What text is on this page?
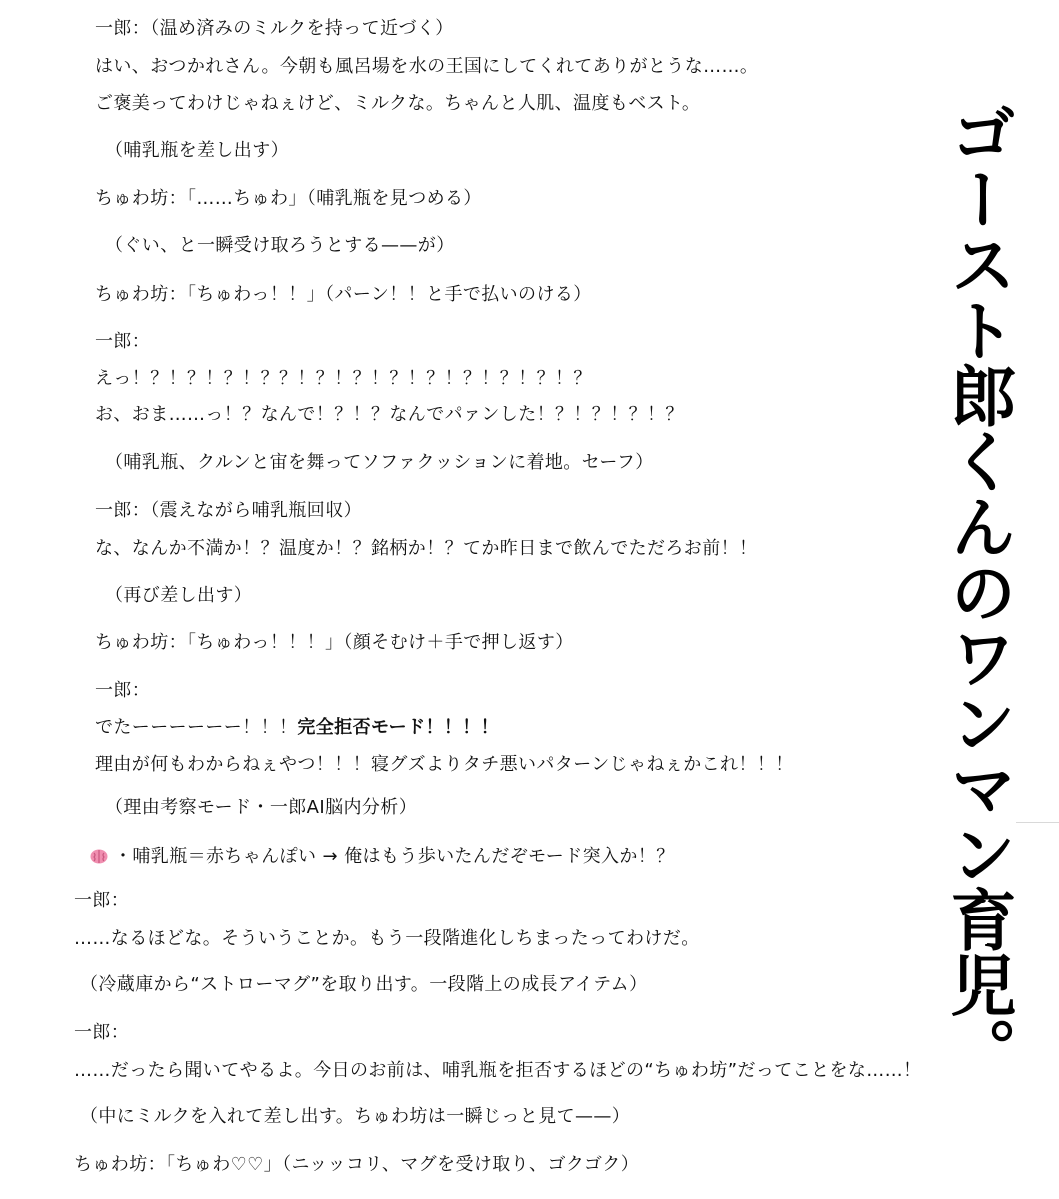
一郎：（温め済みのミルクを持って近づく）
はい、おつかれさん。今朝も風呂場を水の王国にしてくれてありがとうな……。
ご褒美ってわけじゃねぇけど、ミルクな。ちゃんと人肌、温度もベスト。
（哺乳瓶を差し出す）
ちゅわ坊：「……ちゅわ」（哺乳瓶を見つめる）
（ぐい、と一瞬受け取ろうとする——が）
ちゅわ坊：「ちゅわっ！！」（パーン！！と手で払いのける）
一郎：
えっ！？！？！？！？？！？！？！？！？！？！？！？！？
お、おま……っ！？なんで！？！？なんでパァンした！？！？！？！？
（哺乳瓶、クルンと宙を舞ってソファクッションに着地。セーフ）
一郎：（震えながら哺乳瓶回収）
な、なんか不満か！？温度か！？銘柄か！？てか昨日まで飲んでただろお前！！
（再び差し出す）
ちゅわ坊：「ちゅわっ！！！」（顔そむけ＋手で押し返す）
一郎：
でたーーーーーー！！！完全拒否モード！！！！
理由が何もわからねぇやつ！！！寝グズよりタチ悪いパターンじゃねぇかこれ！！！
（理由考察モード・一郎AI脳内分析）
・哺乳瓶＝赤ちゃんぽい → 俺はもう歩いたんだぞモード突入か！？
一郎：
……なるほどな。そういうことか。もう一段階進化しちまったってわけだ。
（冷蔵庫から“ストローマグ”を取り出す。一段階上の成長アイテム）
一郎：
……だったら聞いてやるよ。今日のお前は、哺乳瓶を拒否するほどの“ちゅわ坊”だってことをな……！
（中にミルクを入れて差し出す。ちゅわ坊は一瞬じっと見て——）
ちゅわ坊：「ちゅわ♡♡」（ニッッコリ、マグを受け取り、ゴクゴク）
ゴースト郎くんのワンマン育児。
